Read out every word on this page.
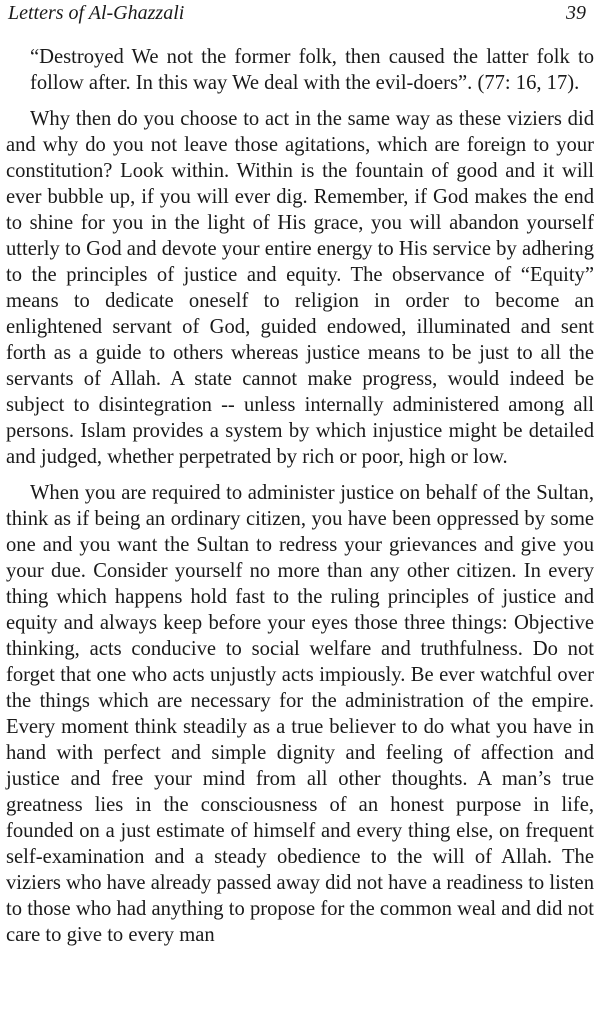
Letters of Al-Ghazzali	39

“Destroyed We not the former folk, then caused the latter folk to follow after. In this way We deal with the evil-doers”. (77: 16, 17).

Why then do you choose to act in the same way as these viziers did and why do you not leave those agitations, which are foreign to your constitution? Look within. Within is the fountain of good and it will ever bubble up, if you will ever dig. Remember, if God makes the end to shine for you in the light of His grace, you will abandon yourself utterly to God and devote your entire energy to His service by adhering to the principles of justice and equity. The observance of “Equity” means to dedicate oneself to religion in order to become an enlightened servant of God, guided endowed, illuminated and sent forth as a guide to others whereas justice means to be just to all the servants of Allah. A state cannot make progress, would indeed be subject to disintegration -- unless internally administered among all persons. Islam provides a system by which injustice might be detailed and judged, whether perpetrated by rich or poor, high or low.

When you are required to administer justice on behalf of the Sultan, think as if being an ordinary citizen, you have been oppressed by some one and you want the Sultan to redress your grievances and give you your due. Consider yourself no more than any other citizen. In every thing which happens hold fast to the ruling principles of justice and equity and always keep before your eyes those three things: Objective thinking, acts conducive to social welfare and truthfulness. Do not forget that one who acts unjustly acts impiously. Be ever watchful over the things which are necessary for the administration of the empire. Every moment think steadily as a true believer to do what you have in hand with perfect and simple dignity and feeling of affection and justice and free your mind from all other thoughts. A man’s true greatness lies in the consciousness of an honest purpose in life, founded on a just estimate of himself and every thing else, on frequent self-examination and a steady obedience to the will of Allah. The viziers who have already passed away did not have a readiness to listen to those who had anything to propose for the common weal and did not care to give to every man
